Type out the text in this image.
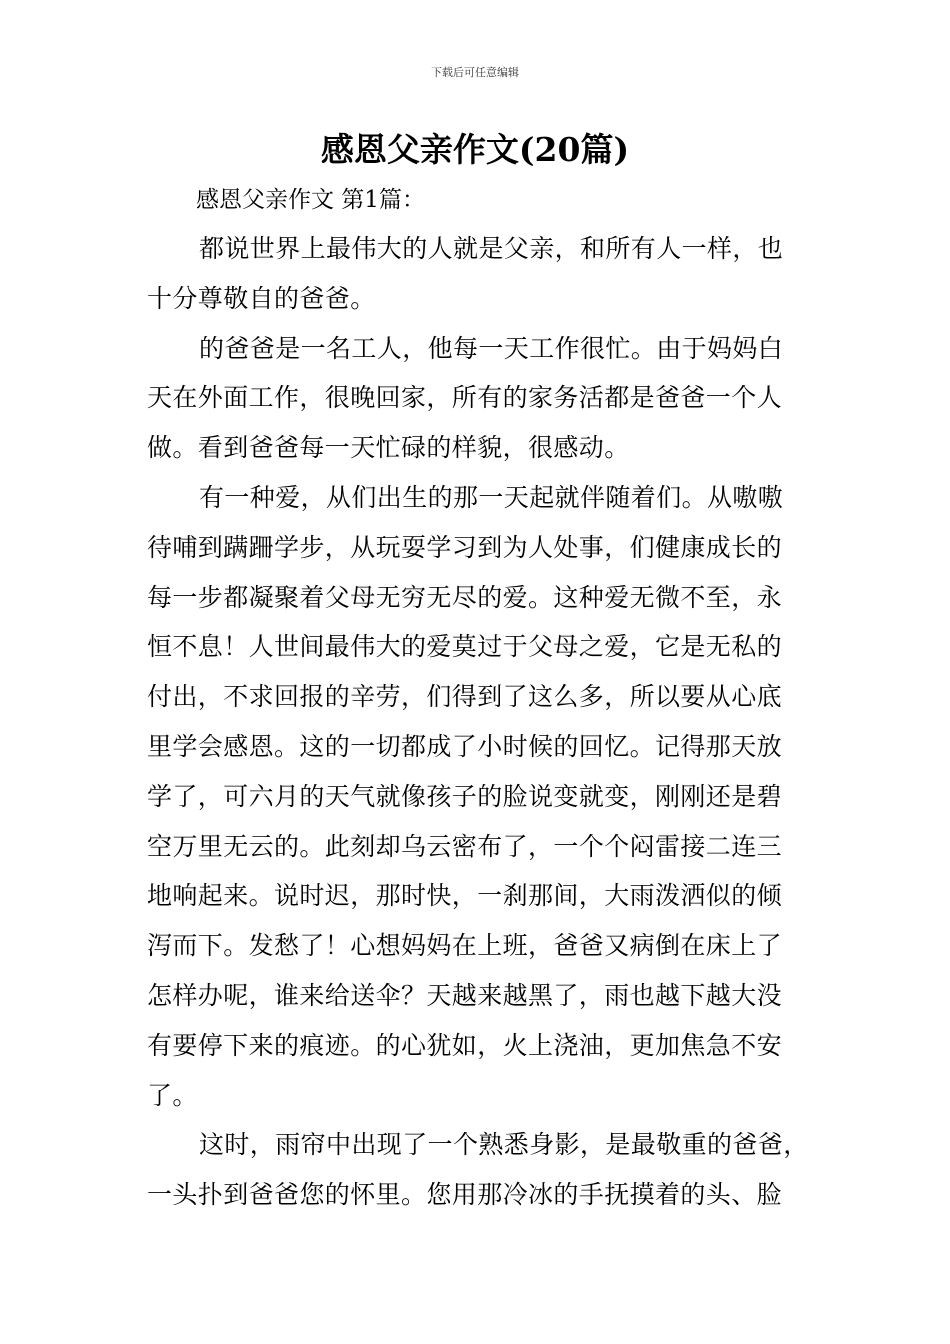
下载后可任意编辑
感恩父亲作文(20篇)
感恩父亲作文 第1篇：
都说世界上最伟大的人就是父亲，和所有人一样，也
十分尊敬自的爸爸。
的爸爸是一名工人，他每一天工作很忙。由于妈妈白
天在外面工作，很晚回家，所有的家务活都是爸爸一个人
做。看到爸爸每一天忙碌的样貌，很感动。
有一种爱，从们出生的那一天起就伴随着们。从嗷嗷
待哺到蹒跚学步，从玩耍学习到为人处事，们健康成长的
每一步都凝聚着父母无穷无尽的爱。这种爱无微不至，永
恒不息！人世间最伟大的爱莫过于父母之爱，它是无私的
付出，不求回报的辛劳，们得到了这么多，所以要从心底
里学会感恩。这的一切都成了小时候的回忆。记得那天放
学了，可六月的天气就像孩子的脸说变就变，刚刚还是碧
空万里无云的。此刻却乌云密布了，一个个闷雷接二连三
地响起来。说时迟，那时快，一刹那间，大雨泼洒似的倾
泻而下。发愁了！心想妈妈在上班，爸爸又病倒在床上了
怎样办呢，谁来给送伞？天越来越黑了，雨也越下越大没
有要停下来的痕迹。的心犹如，火上浇油，更加焦急不安
了。
这时，雨帘中出现了一个熟悉身影，是最敬重的爸爸，
一头扑到爸爸您的怀里。您用那冷冰的手抚摸着的头、脸
